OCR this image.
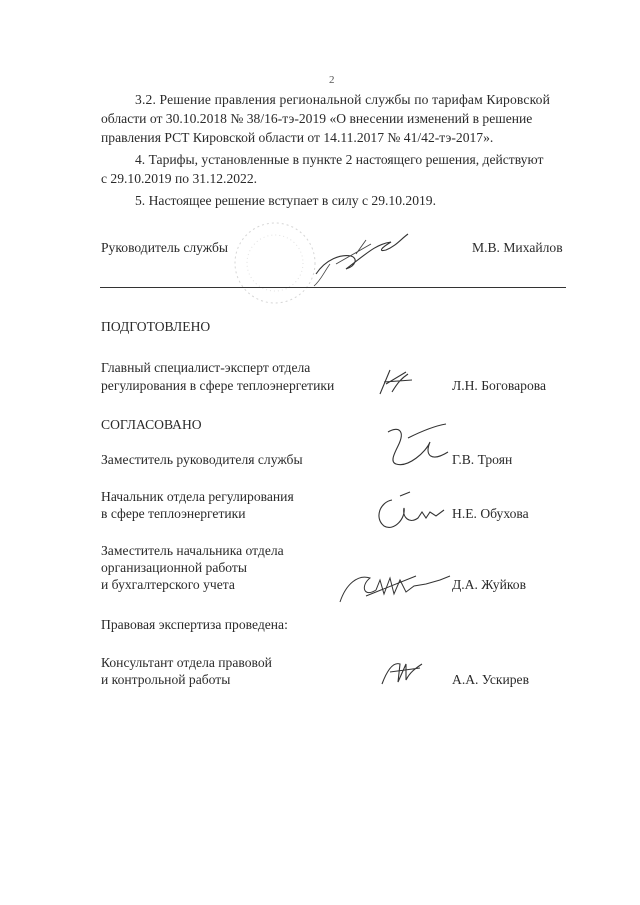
2
3.2. Решение правления региональной службы по тарифам Кировской
области от 30.10.2018 № 38/16-тэ-2019 «О внесении изменений в решение
правления РСТ Кировской области от 14.11.2017 № 41/42-тэ-2017».
4. Тарифы, установленные в пункте 2 настоящего решения, действуют
с 29.10.2019 по 31.12.2022.
5. Настоящее решение вступает в силу с 29.10.2019.
Руководитель службы	М.В. Михайлов
ПОДГОТОВЛЕНО
Главный специалист-эксперт отдела
регулирования в сфере теплоэнергетики	Л.Н. Боговарова
СОГЛАСОВАНО
Заместитель руководителя службы	Г.В. Троян
Начальник отдела регулирования
в сфере теплоэнергетики	Н.Е. Обухова
Заместитель начальника отдела
организационной работы
и бухгалтерского учета	Д.А. Жуйков
Правовая экспертиза проведена:
Консультант отдела правовой
и контрольной работы	А.А. Ускирев
